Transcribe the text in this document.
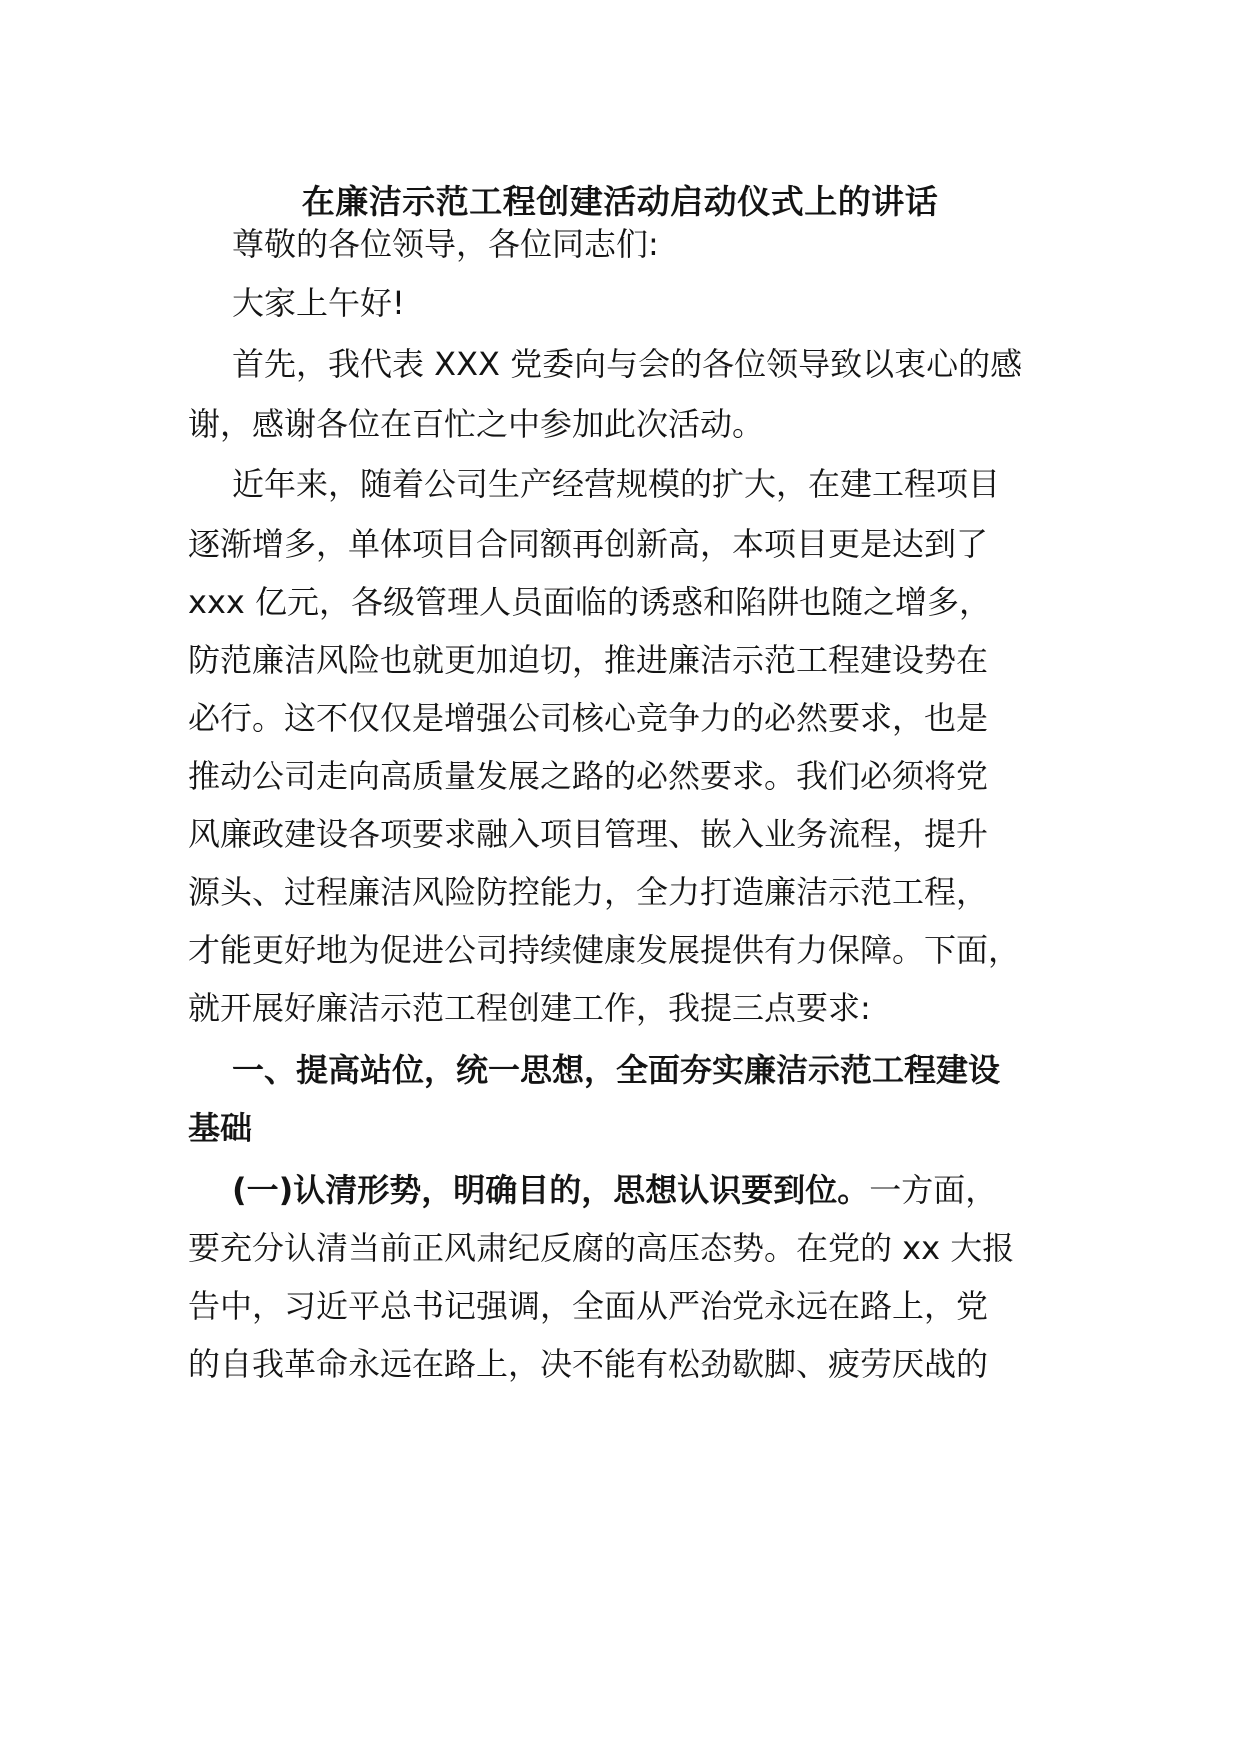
在廉洁示范工程创建活动启动仪式上的讲话
尊敬的各位领导，各位同志们:
大家上午好!
首先，我代表 XXX 党委向与会的各位领导致以衷心的感
谢，感谢各位在百忙之中参加此次活动。
近年来，随着公司生产经营规模的扩大，在建工程项目
逐渐增多，单体项目合同额再创新高，本项目更是达到了
xxx 亿元，各级管理人员面临的诱惑和陷阱也随之增多，
防范廉洁风险也就更加迫切，推进廉洁示范工程建设势在
必行。这不仅仅是增强公司核心竞争力的必然要求，也是
推动公司走向高质量发展之路的必然要求。我们必须将党
风廉政建设各项要求融入项目管理、嵌入业务流程，提升
源头、过程廉洁风险防控能力，全力打造廉洁示范工程，
才能更好地为促进公司持续健康发展提供有力保障。下面，
就开展好廉洁示范工程创建工作，我提三点要求:
一、提高站位，统一思想，全面夯实廉洁示范工程建设
基础
(一)认清形势，明确目的，思想认识要到位。一方面，
要充分认清当前正风肃纪反腐的高压态势。在党的 xx 大报
告中，习近平总书记强调，全面从严治党永远在路上，党
的自我革命永远在路上，决不能有松劲歇脚、疲劳厌战的
